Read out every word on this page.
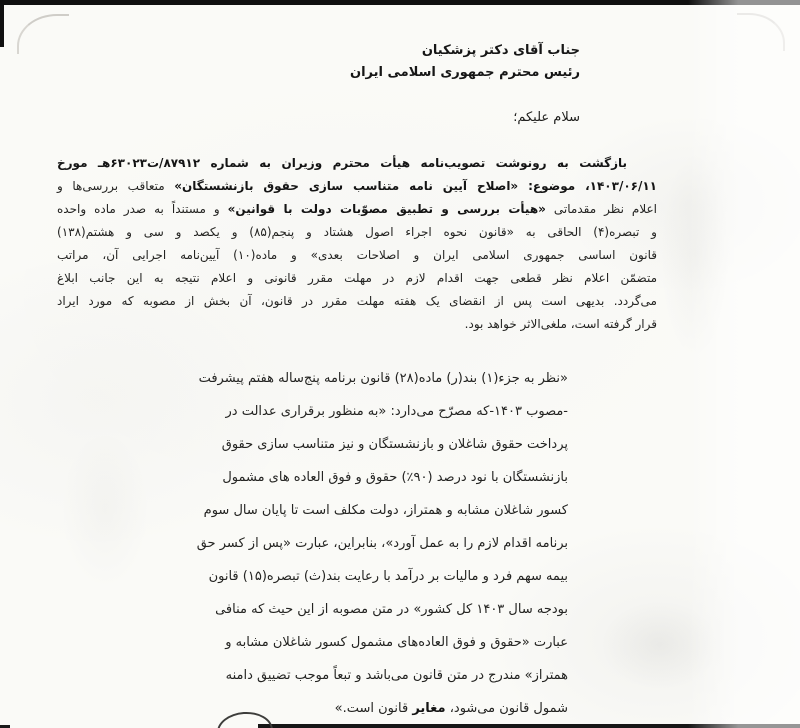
جناب آقای دکتر پزشکیان
رئیس محترم جمهوری اسلامی ایران
سلام علیکم؛
بازگشت به رونوشت تصویب‌نامه هیأت محترم وزیران به شماره ۸۷۹۱۲/ت۶۳۰۲۳هـ مورخ
۱۴۰۳/۰۶/۱۱، موضوع: «اصلاح آیین نامه متناسب سازی حقوق بازنشستگان» متعاقب بررسی‌ها و
اعلام نظر مقدماتی «هیأت بررسی و تطبیق مصوّبات دولت با قوانین» و مستنداً به صدر ماده واحده
و تبصره(۴) الحاقی به «قانون نحوه اجراء اصول هشتاد و پنجم(۸۵) و یکصد و سی و هشتم(۱۳۸)
قانون اساسی جمهوری اسلامی ایران و اصلاحات بعدی» و ماده(۱۰) آیین‌نامه اجرایی آن، مراتب
متضمّن اعلام نظر قطعی جهت اقدام لازم در مهلت مقرر قانونی و اعلام نتیجه به این جانب ابلاغ
می‌گردد. بدیهی است پس از انقضای یک هفته مهلت مقرر در قانون، آن بخش از مصوبه که مورد ایراد
قرار گرفته است، ملغی‌الاثر خواهد بود.
«نظر به جزء(۱) بند(ر) ماده(۲۸) قانون برنامه پنج‌ساله هفتم پیشرفت
-مصوب ۱۴۰۳-که مصرّح می‌دارد: «به منظور برقراری عدالت در
پرداخت حقوق شاغلان و بازنشستگان و نیز متناسب سازی حقوق
بازنشستگان با نود درصد (۹۰٪) حقوق و فوق العاده های مشمول
کسور شاغلان مشابه و همتراز، دولت مکلف است تا پایان سال سوم
برنامه اقدام لازم را به عمل آورد»، بنابراین، عبارت «پس از کسر حق
بیمه سهم فرد و مالیات بر درآمد با رعایت بند(ث) تبصره(۱۵) قانون
بودجه سال ۱۴۰۳ کل کشور» در متن مصوبه از این حیث که منافی
عبارت «حقوق و فوق العاده‌های مشمول کسور شاغلان مشابه و
همتراز» مندرج در متن قانون می‌باشد و تبعاً موجب تضییق دامنه
شمول قانون می‌شود، مغایر قانون است.»
